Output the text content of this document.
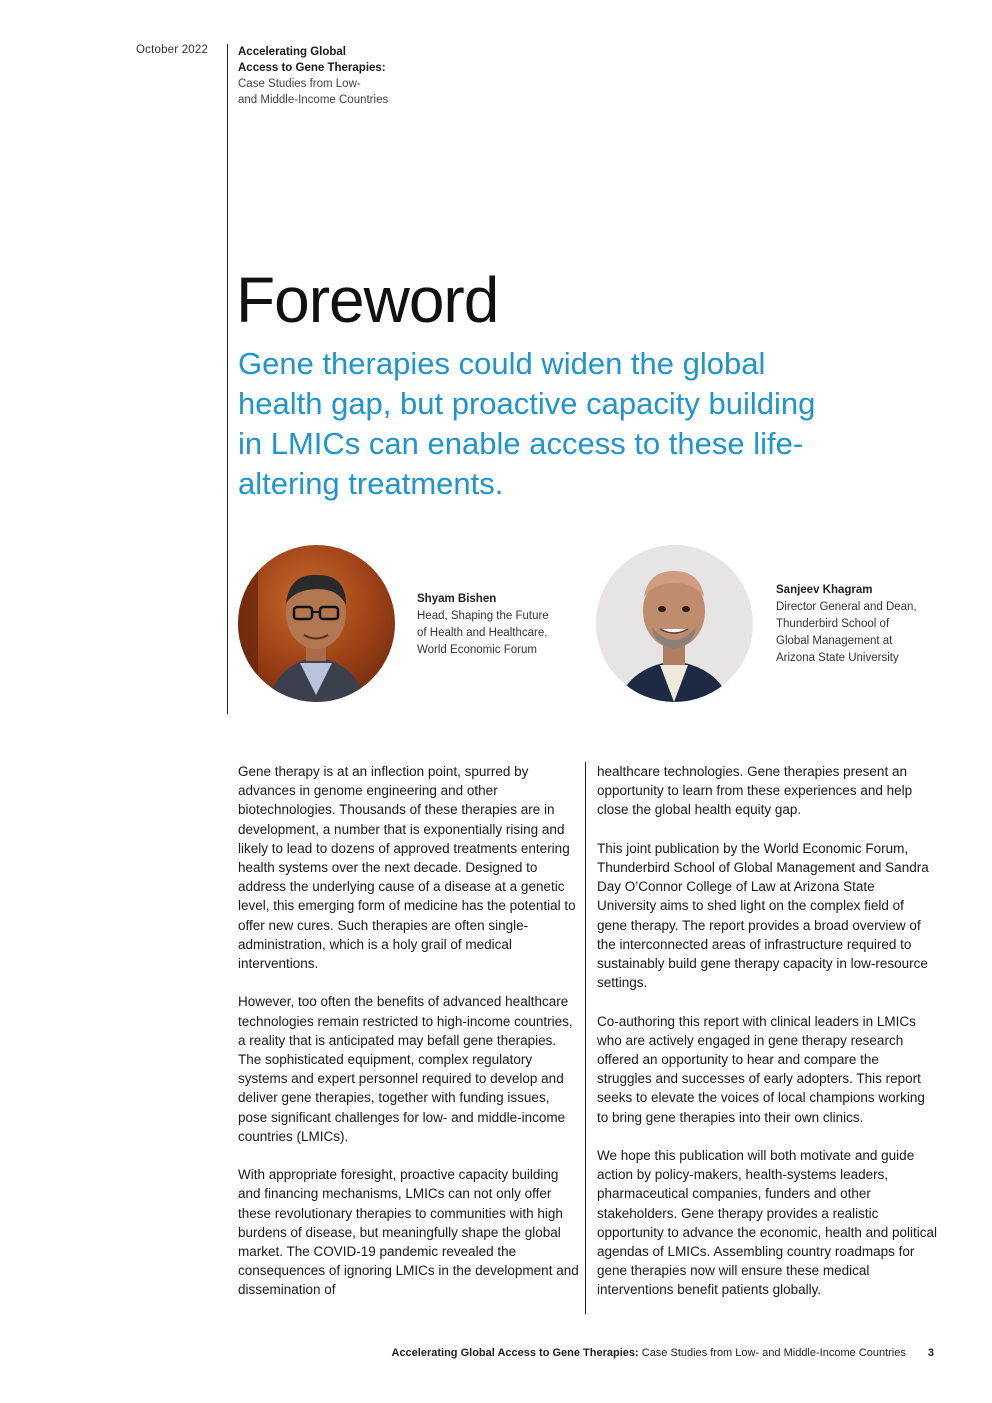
October 2022	Accelerating Global
Access to Gene Therapies:
Case Studies from Low-
and Middle-Income Countries
Foreword

Gene therapies could widen the global health gap, but proactive capacity building in LMICs can enable access to these life-altering treatments.

Shyam Bishen
Head, Shaping the Future
of Health and Healthcare,
World Economic Forum
Sanjeev Khagram
Director General and Dean,
Thunderbird School of
Global Management at
Arizona State University

Gene therapy is at an inflection point, spurred by advances in genome engineering and other biotechnologies. Thousands of these therapies are in development, a number that is exponentially rising and likely to lead to dozens of approved treatments entering health systems over the next decade. Designed to address the underlying cause of a disease at a genetic level, this emerging form of medicine has the potential to offer new cures. Such therapies are often single-administration, which is a holy grail of medical interventions.

However, too often the benefits of advanced healthcare technologies remain restricted to high-income countries, a reality that is anticipated may befall gene therapies. The sophisticated equipment, complex regulatory systems and expert personnel required to develop and deliver gene therapies, together with funding issues, pose significant challenges for low- and middle-income countries (LMICs).

With appropriate foresight, proactive capacity building and financing mechanisms, LMICs can not only offer these revolutionary therapies to communities with high burdens of disease, but meaningfully shape the global market. The COVID-19 pandemic revealed the consequences of ignoring LMICs in the development and dissemination of

healthcare technologies. Gene therapies present an opportunity to learn from these experiences and help close the global health equity gap.

This joint publication by the World Economic Forum, Thunderbird School of Global Management and Sandra Day O’Connor College of Law at Arizona State University aims to shed light on the complex field of gene therapy. The report provides a broad overview of the interconnected areas of infrastructure required to sustainably build gene therapy capacity in low-resource settings.

Co-authoring this report with clinical leaders in LMICs who are actively engaged in gene therapy research offered an opportunity to hear and compare the struggles and successes of early adopters. This report seeks to elevate the voices of local champions working to bring gene therapies into their own clinics.

We hope this publication will both motivate and guide action by policy-makers, health-systems leaders, pharmaceutical companies, funders and other stakeholders. Gene therapy provides a realistic opportunity to advance the economic, health and political agendas of LMICs. Assembling country roadmaps for gene therapies now will ensure these medical interventions benefit patients globally.

Accelerating Global Access to Gene Therapies: Case Studies from Low- and Middle-Income Countries 3
